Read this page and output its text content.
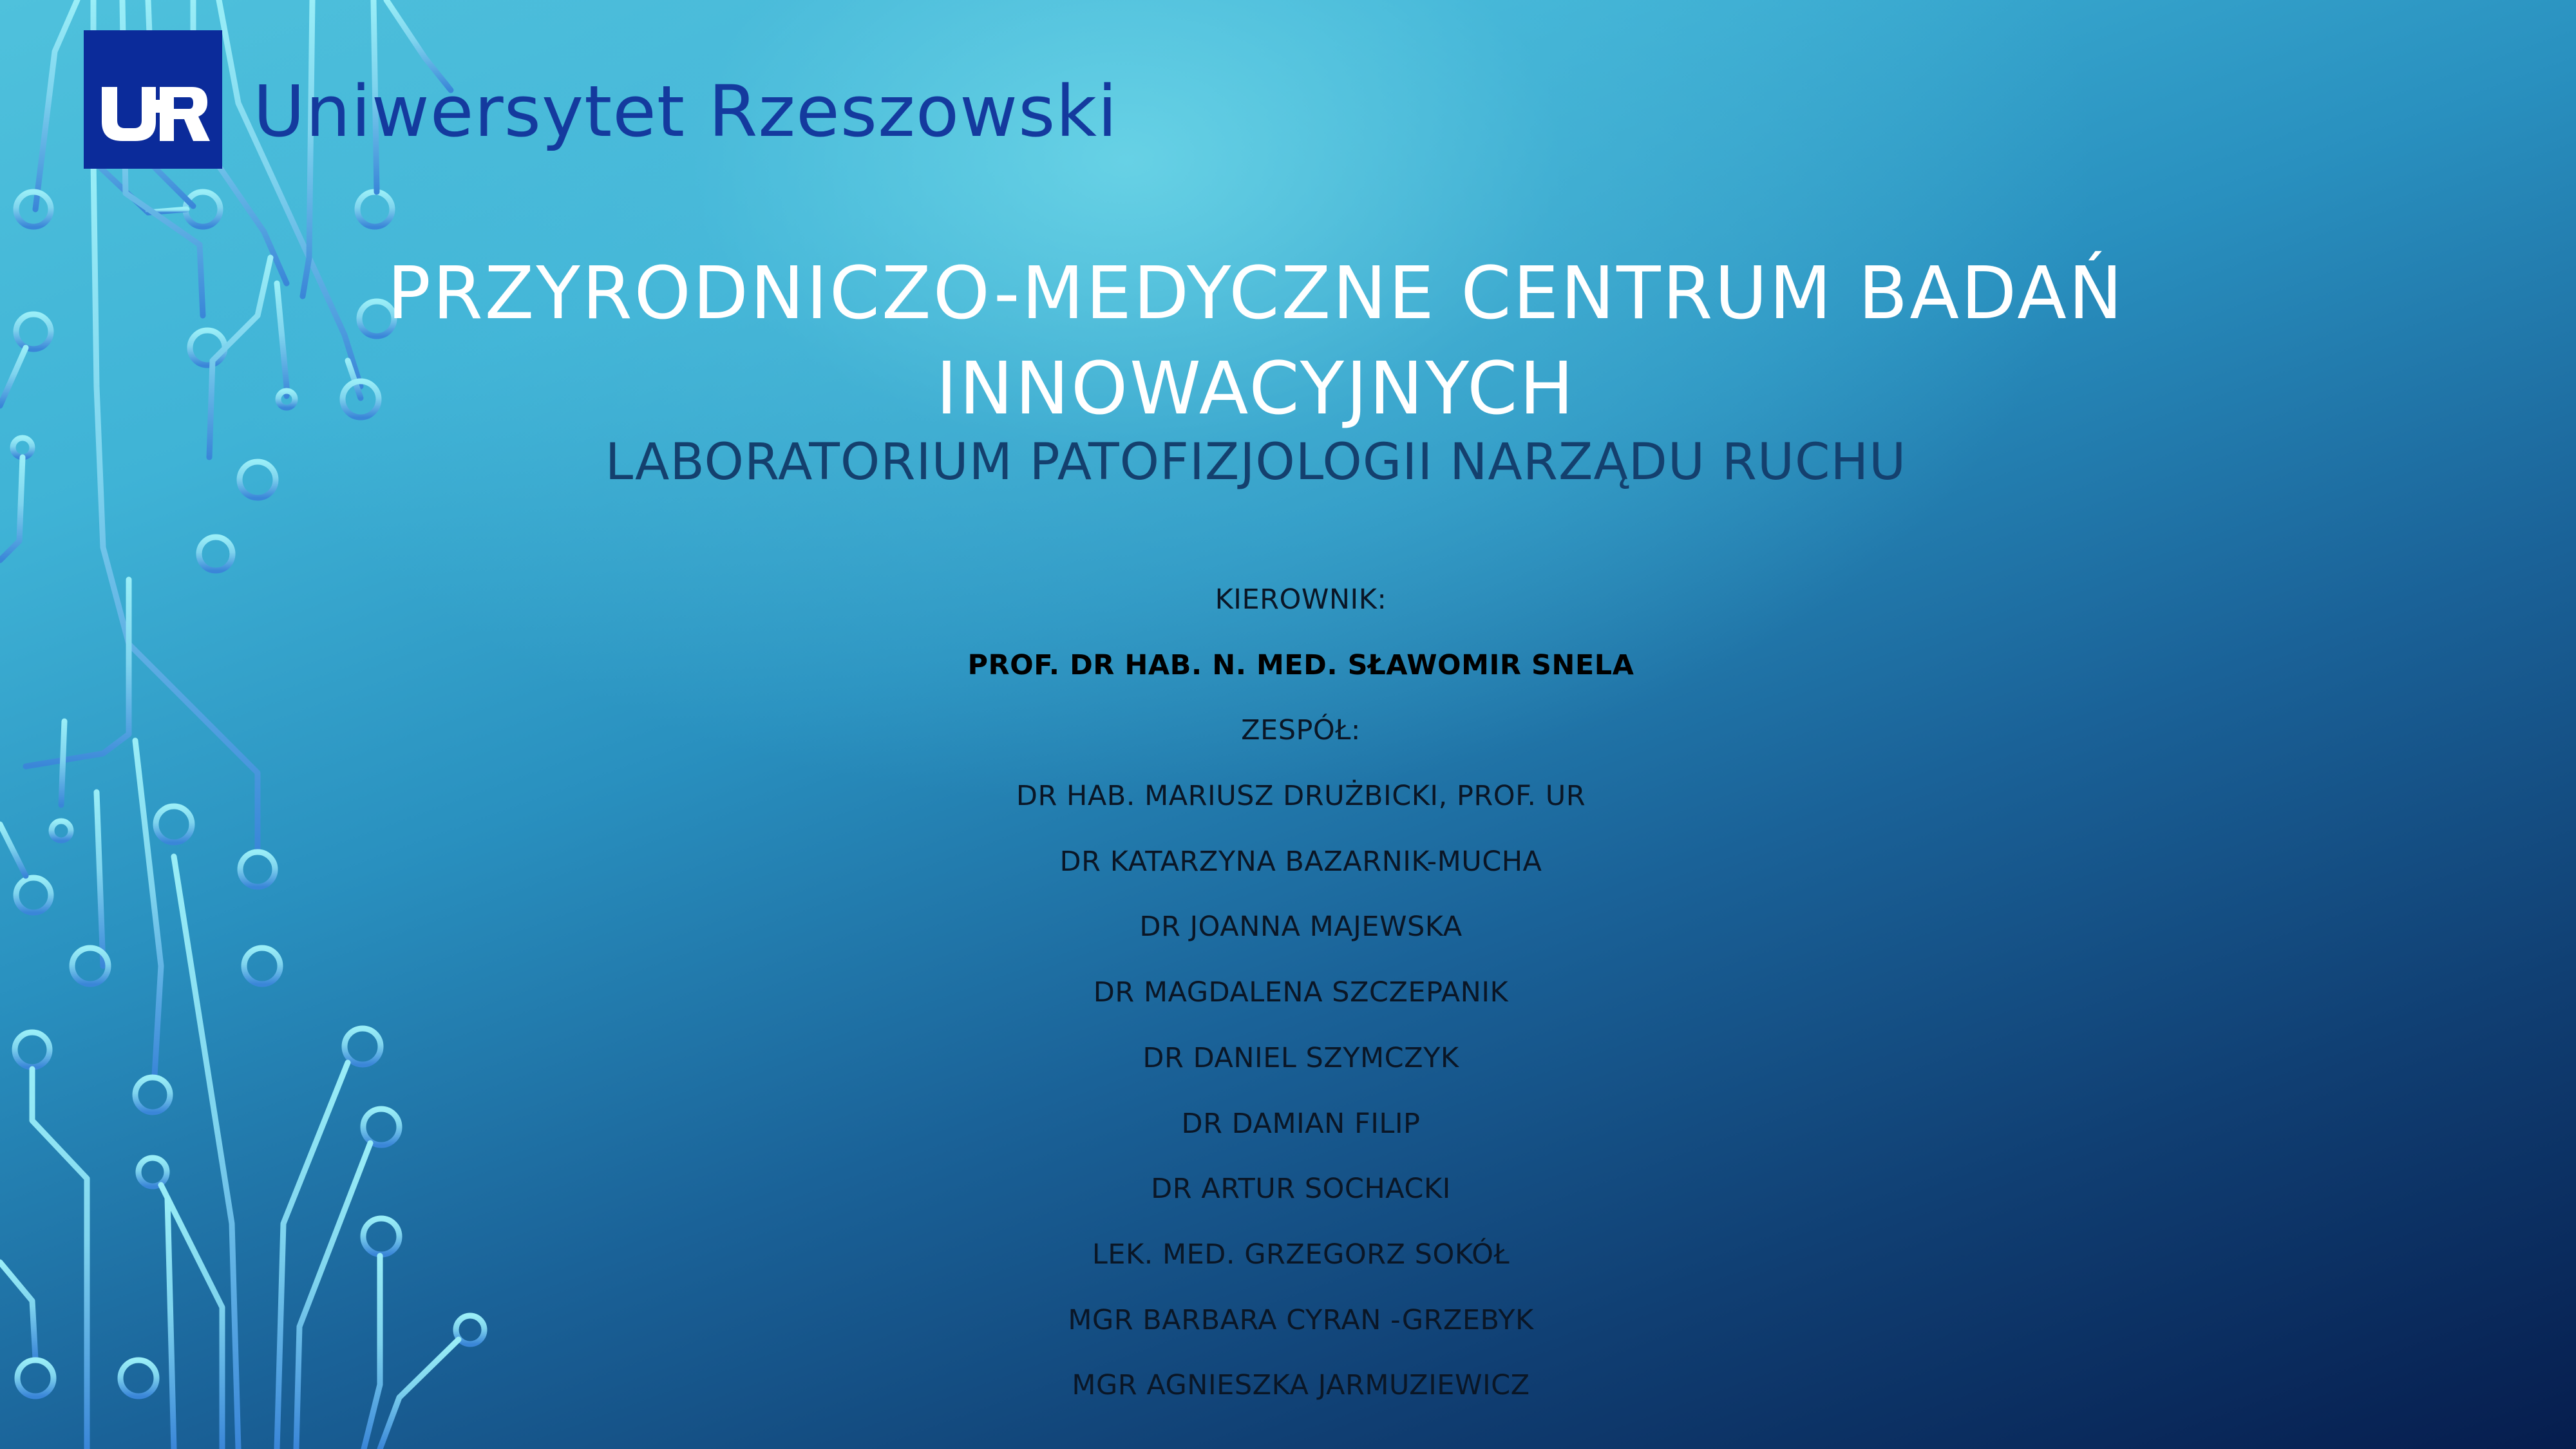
Uniwersytet Rzeszowski
PRZYRODNICZO-MEDYCZNE CENTRUM BADAŃ INNOWACYJNYCH
LABORATORIUM PATOFIZJOLOGII NARZĄDU RUCHU
KIEROWNIK:
PROF. DR HAB. N. MED. SŁAWOMIR SNELA
ZESPÓŁ:
DR HAB. MARIUSZ DRUŻBICKI, PROF. UR
DR KATARZYNA BAZARNIK-MUCHA
DR JOANNA MAJEWSKA
DR MAGDALENA SZCZEPANIK
DR DANIEL SZYMCZYK
DR DAMIAN FILIP
DR ARTUR SOCHACKI
LEK. MED. GRZEGORZ SOKÓŁ
MGR BARBARA CYRAN -GRZEBYK
MGR AGNIESZKA JARMUZIEWICZ
